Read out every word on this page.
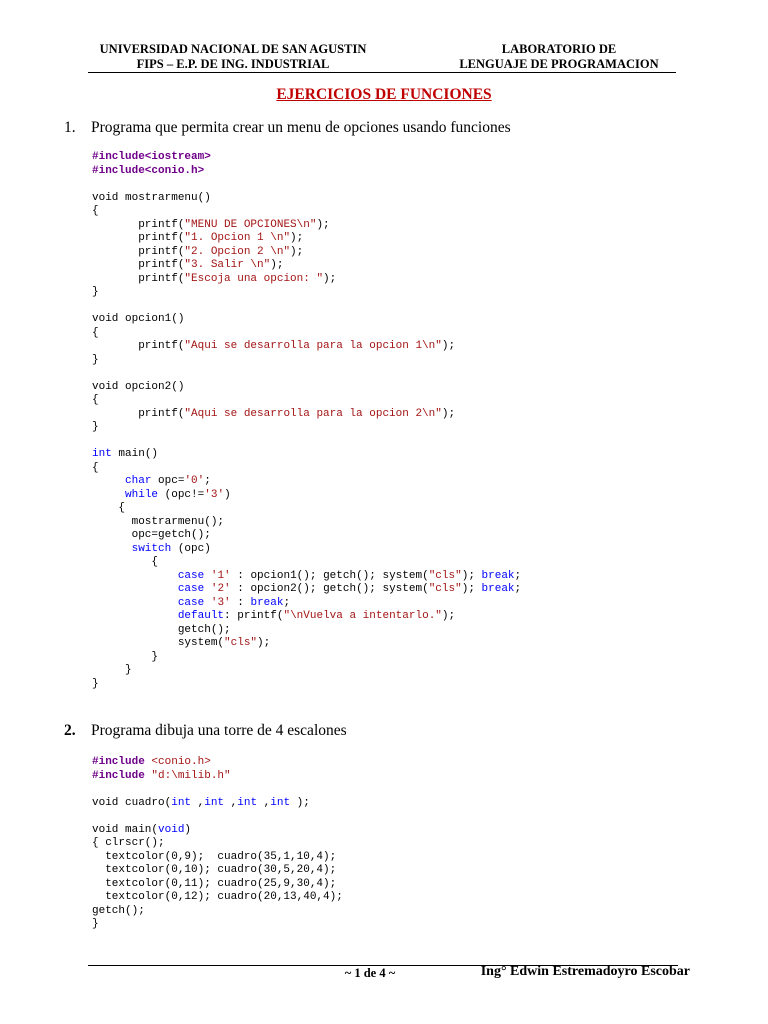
UNIVERSIDAD NACIONAL DE SAN AGUSTIN
FIPS – E.P. DE ING. INDUSTRIAL
LABORATORIO DE
LENGUAJE DE PROGRAMACION
EJERCICIOS DE FUNCIONES
1. Programa que permita crear un menu de opciones usando funciones
#include<iostream>
#include<conio.h>

void mostrarmenu()
{
printf("MENU DE OPCIONES\n");
printf("1. Opcion 1 \n");
printf("2. Opcion 2 \n");
printf("3. Salir \n");
printf("Escoja una opcion: ");
}

void opcion1()
{
printf("Aqui se desarrolla para la opcion 1\n");
}

void opcion2()
{
printf("Aqui se desarrolla para la opcion 2\n");
}

int main()
{
char opc='0';
while (opc!='3')
{
mostrarmenu();
opc=getch();
switch (opc)
{
case '1' : opcion1(); getch(); system("cls"); break;
case '2' : opcion2(); getch(); system("cls"); break;
case '3' : break;
default: printf("\nVuelva a intentarlo.");
getch();
system("cls");
}
}
}
2. Programa dibuja una torre de 4 escalones
#include <conio.h>
#include "d:\milib.h"

void cuadro(int ,int ,int ,int );

void main(void)
{ clrscr();
textcolor(0,9);  cuadro(35,1,10,4);
textcolor(0,10); cuadro(30,5,20,4);
textcolor(0,11); cuadro(25,9,30,4);
textcolor(0,12); cuadro(20,13,40,4);
getch();
}
~ 1 de 4 ~	Ing° Edwin Estremadoyro Escobar
